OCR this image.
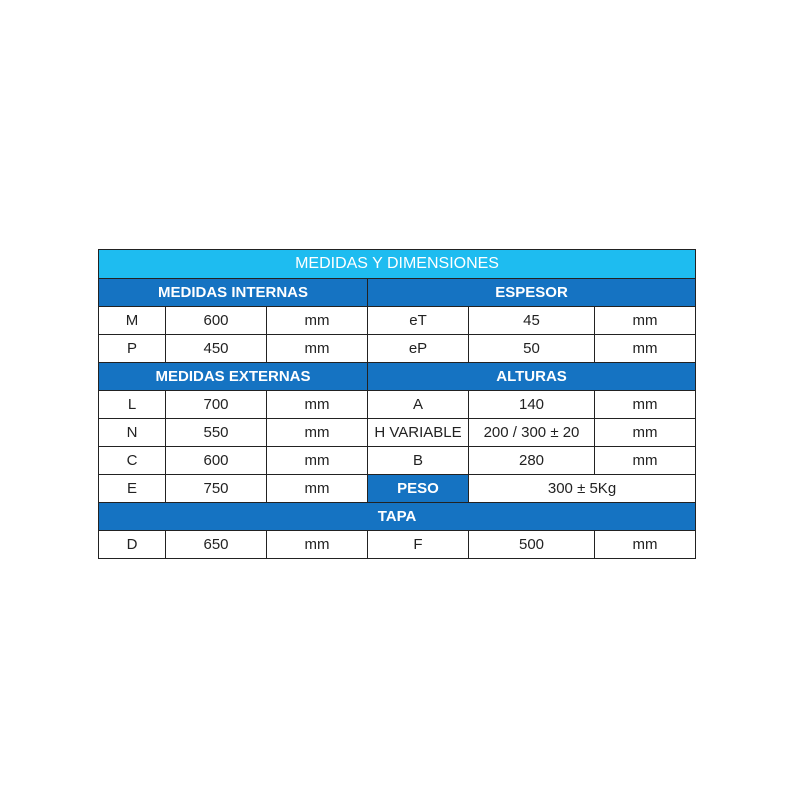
MEDIDAS Y DIMENSIONES					
MEDIDAS INTERNAS			ESPESOR		
M	600	mm	eT	45	mm
P	450	mm	eP	50	mm
MEDIDAS EXTERNAS			ALTURAS		
L	700	mm	A	140	mm
N	550	mm	H VARIABLE	200 / 300 ± 20	mm
C	600	mm	B	280	mm
E	750	mm	PESO	300 ± 5Kg	
TAPA					
D	650	mm	F	500	mm
